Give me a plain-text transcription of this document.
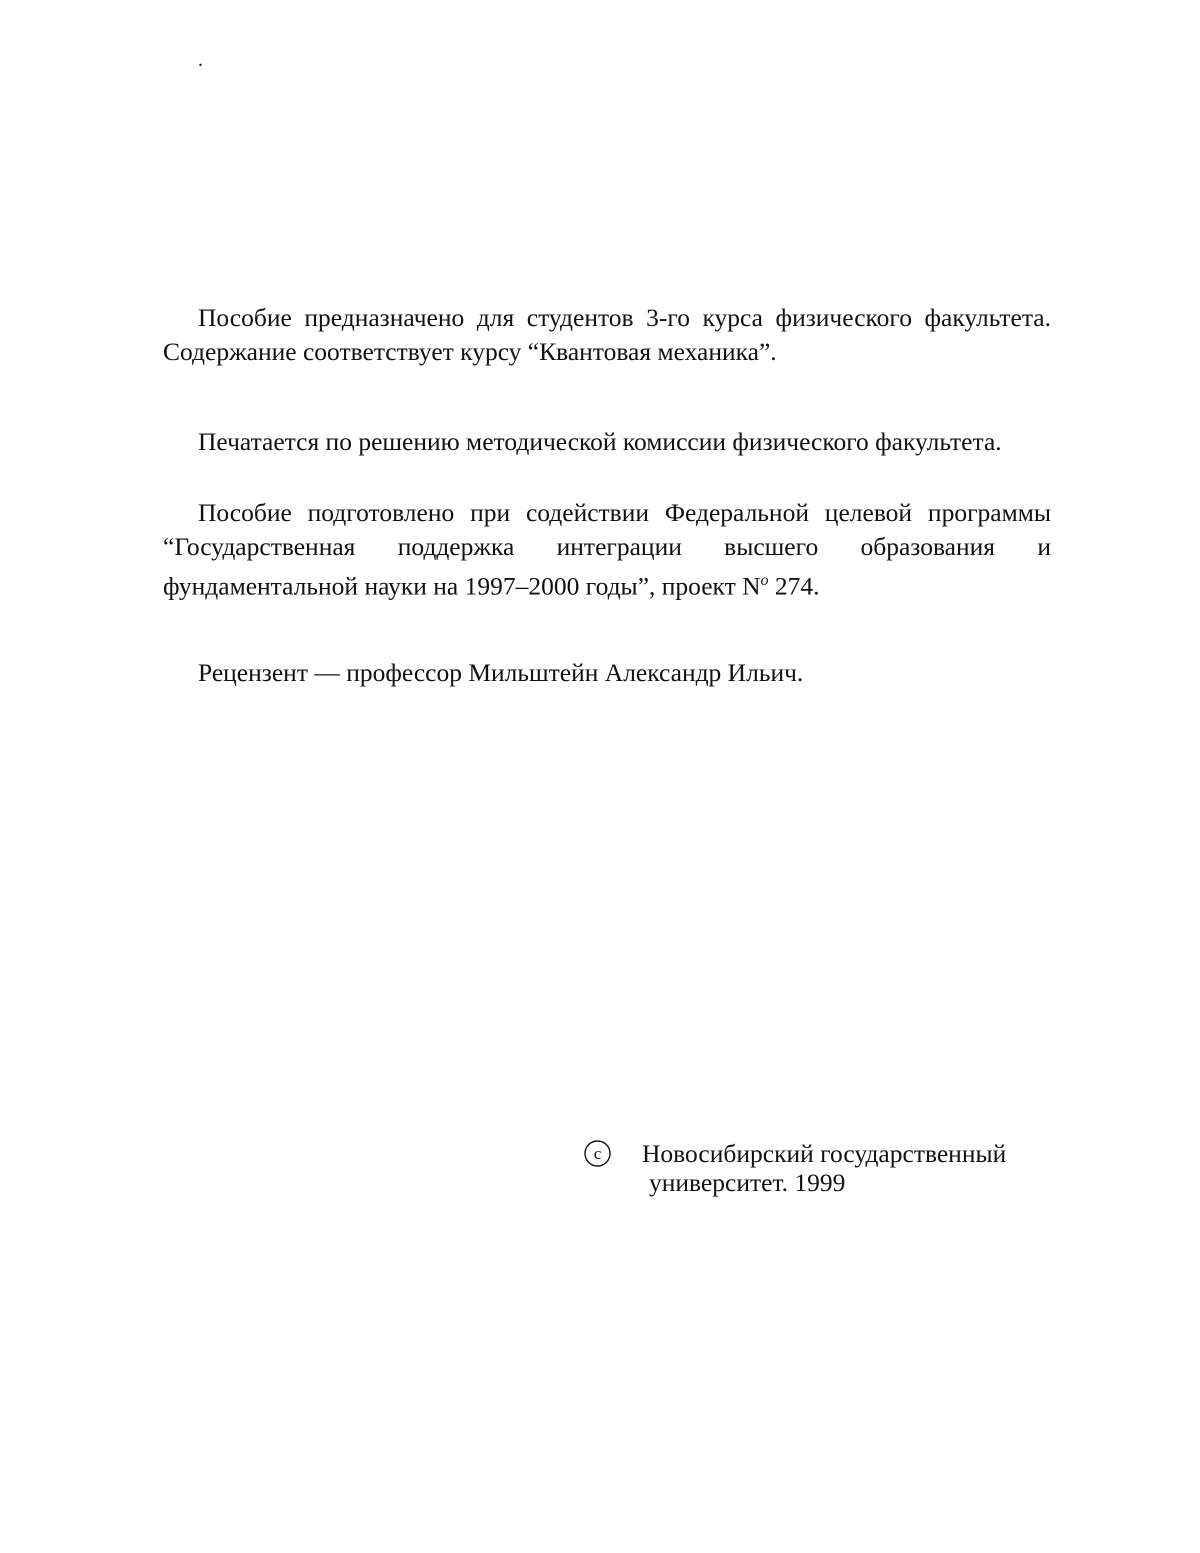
.

Пособие предназначено для студентов 3-го курса физического факультета. Содержание соответствует курсу “Квантовая механика”.

Печатается по решению методической комиссии физического факультета.

Пособие подготовлено при содействии Федеральной целевой программы “Государственная поддержка интеграции высшего образования и фундаментальной науки на 1997–2000 годы”, проект No 274.

Рецензент — профессор Мильштейн Александр Ильич.

c Новосибирский государственный
университет. 1999
